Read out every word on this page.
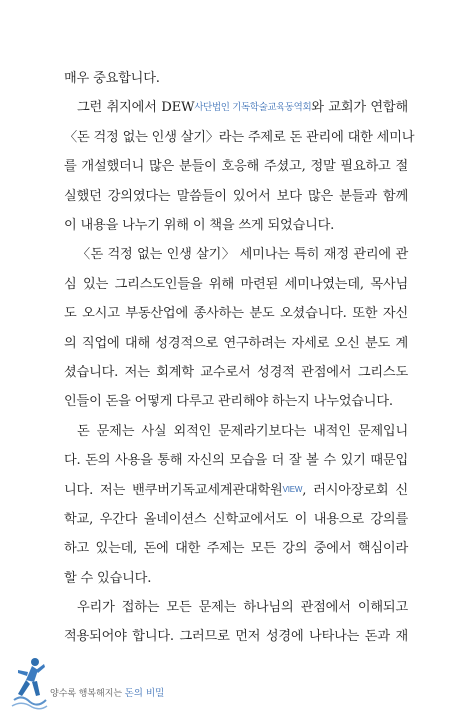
매우 중요합니다.
그런 취지에서 DEW사단법인 기독학술교육동역회와 교회가 연합해
〈돈 걱정 없는 인생 살기〉라는 주제로 돈 관리에 대한 세미나
를 개설했더니 많은 분들이 호응해 주셨고, 정말 필요하고 절
실했던 강의였다는 말씀들이 있어서 보다 많은 분들과 함께
이 내용을 나누기 위해 이 책을 쓰게 되었습니다.
〈돈 걱정 없는 인생 살기〉 세미나는 특히 재정 관리에 관
심 있는 그리스도인들을 위해 마련된 세미나였는데, 목사님
도 오시고 부동산업에 종사하는 분도 오셨습니다. 또한 자신
의 직업에 대해 성경적으로 연구하려는 자세로 오신 분도 계
셨습니다. 저는 회계학 교수로서 성경적 관점에서 그리스도
인들이 돈을 어떻게 다루고 관리해야 하는지 나누었습니다.
돈 문제는 사실 외적인 문제라기보다는 내적인 문제입니
다. 돈의 사용을 통해 자신의 모습을 더 잘 볼 수 있기 때문입
니다. 저는 밴쿠버기독교세계관대학원VIEW, 러시아장로회 신
학교, 우간다 올네이션스 신학교에서도 이 내용으로 강의를
하고 있는데, 돈에 대한 주제는 모든 강의 중에서 핵심이라
할 수 있습니다.
우리가 접하는 모든 문제는 하나님의 관점에서 이해되고
적용되어야 합니다. 그러므로 먼저 성경에 나타나는 돈과 재
양수록 행복해지는 돈의 비밀
